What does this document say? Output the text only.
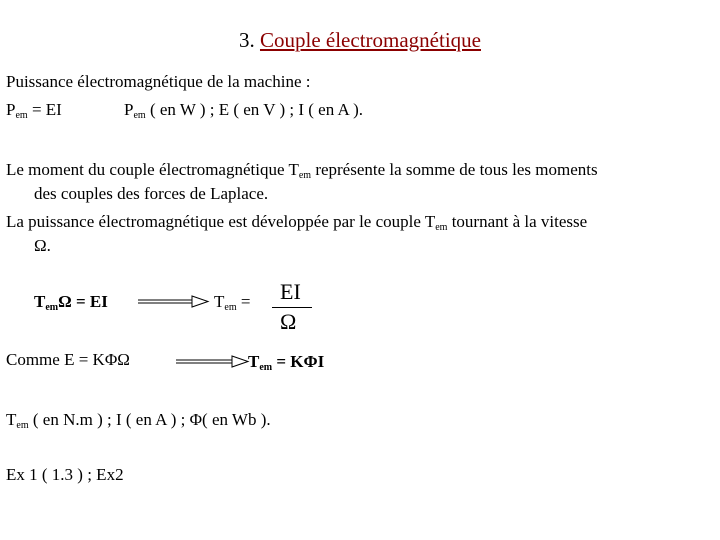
3. Couple électromagnétique
Puissance électromagnétique de la machine :
$P_{em}$ = EI	$P_{em}$ ( en W ) ; E ( en V ) ; I ( en A ).
Le moment du couple électromagnétique $T_{em}$ représente la somme de tous les moments
des couples des forces de Laplace.
La puissance électromagnétique est développée par le couple $T_{em}$ tournant à la vitesse
Ω.
$T_{em}\Omega$ = EI	$T_{em}$ = EI
Ω
Comme E = KΦΩ	$T_{em} = K\Phi I$
$T_{em}$ ( en N.m ) ; I ( en A ) ; Φ( en Wb ).
Ex 1 ( 1.3 ) ; Ex2
